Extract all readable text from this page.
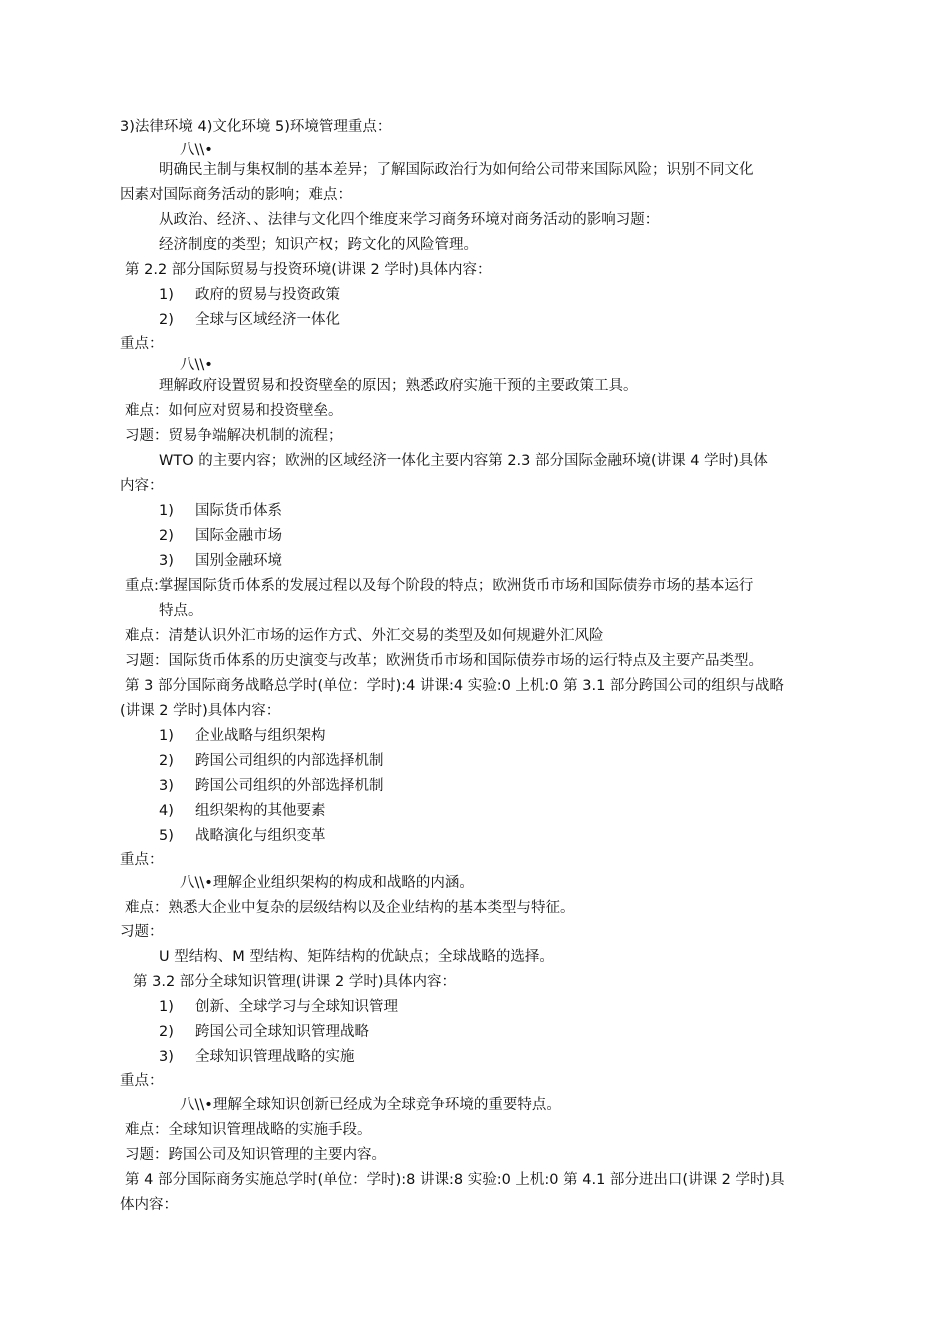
3)法律环境 4)文化环境 5)环境管理重点：
八\\•
明确民主制与集权制的基本差异；了解国际政治行为如何给公司带来国际风险；识别不同文化
因素对国际商务活动的影响；难点：
从政治、经济、、法律与文化四个维度来学习商务环境对商务活动的影响习题：
经济制度的类型；知识产权；跨文化的风险管理。
第 2.2 部分国际贸易与投资环境(讲课 2 学时)具体内容：
1) 政府的贸易与投资政策
2) 全球与区域经济一体化
重点：
八\\•
理解政府设置贸易和投资壁垒的原因；熟悉政府实施干预的主要政策工具。
难点：如何应对贸易和投资壁垒。
习题：贸易争端解决机制的流程；
WTO 的主要内容；欧洲的区域经济一体化主要内容第 2.3 部分国际金融环境(讲课 4 学时)具体
内容：
1) 国际货币体系
2) 国际金融市场
3) 国别金融环境
重点:掌握国际货币体系的发展过程以及每个阶段的特点；欧洲货币市场和国际债券市场的基本运行
特点。
难点：清楚认识外汇市场的运作方式、外汇交易的类型及如何规避外汇风险
习题：国际货币体系的历史演变与改革；欧洲货币市场和国际债券市场的运行特点及主要产品类型。
第 3 部分国际商务战略总学时(单位：学时):4 讲课:4 实验:0 上机:0 第 3.1 部分跨国公司的组织与战略
(讲课 2 学时)具体内容：
1) 企业战略与组织架构
2) 跨国公司组织的内部选择机制
3) 跨国公司组织的外部选择机制
4) 组织架构的其他要素
5) 战略演化与组织变革
重点：
八\\•理解企业组织架构的构成和战略的内涵。
难点：熟悉大企业中复杂的层级结构以及企业结构的基本类型与特征。
习题：
U 型结构、M 型结构、矩阵结构的优缺点；全球战略的选择。
第 3.2 部分全球知识管理(讲课 2 学时)具体内容：
1) 创新、全球学习与全球知识管理
2) 跨国公司全球知识管理战略
3) 全球知识管理战略的实施
重点：
八\\•理解全球知识创新已经成为全球竞争环境的重要特点。
难点：全球知识管理战略的实施手段。
习题：跨国公司及知识管理的主要内容。
第 4 部分国际商务实施总学时(单位：学时):8 讲课:8 实验:0 上机:0 第 4.1 部分进出口(讲课 2 学时)具
体内容：
